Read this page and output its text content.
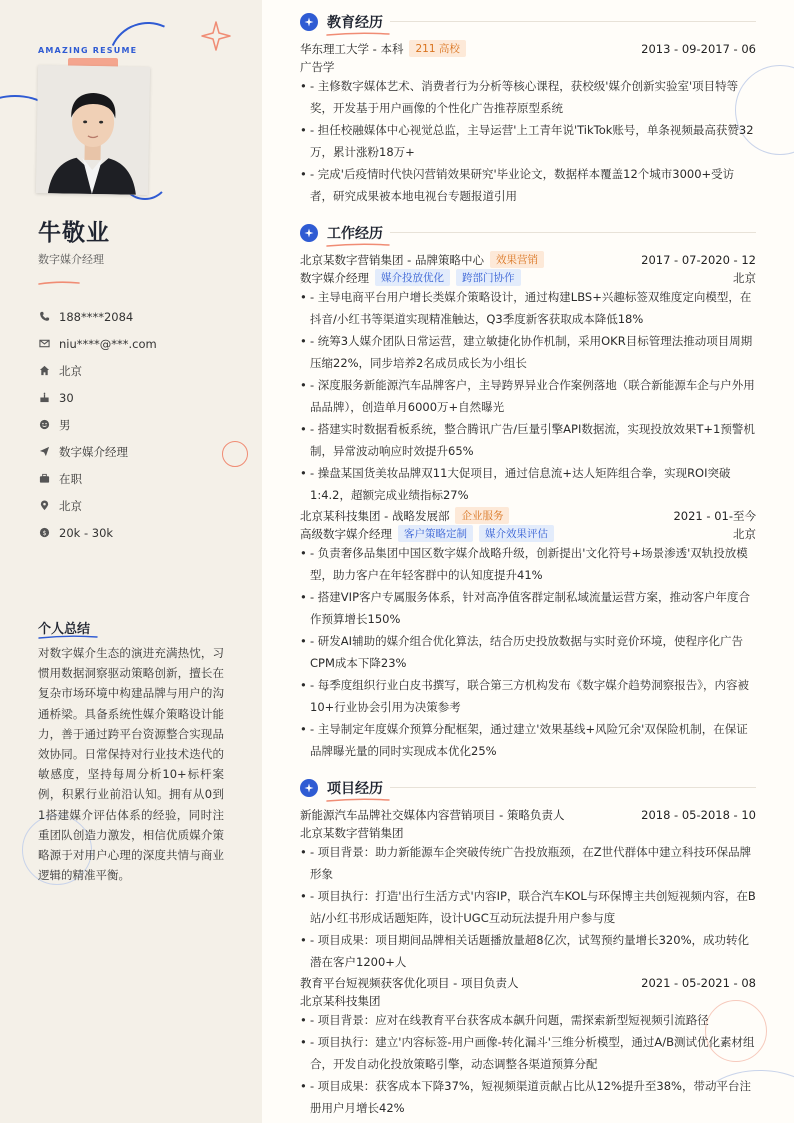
AMAZING RESUME
牛敬业
数字媒介经理
188****2084
niu****@***.com
北京
30
男
数字媒介经理
在职
北京
$ 20k - 30k
个人总结
对数字媒介生态的演进充满热忱，习惯用数据洞察驱动策略创新，擅长在复杂市场环境中构建品牌与用户的沟通桥梁。具备系统性媒介策略设计能力，善于通过跨平台资源整合实现品效协同。日常保持对行业技术迭代的敏感度，坚持每周分析10+标杆案例，积累行业前沿认知。拥有从0到1搭建媒介评估体系的经验，同时注重团队创造力激发，相信优质媒介策略源于对用户心理的深度共情与商业逻辑的精准平衡。
教育经历
华东理工大学 - 本科	211 高校	2013 - 09-2017 - 06
广告学
• - 主修数字媒体艺术、消费者行为分析等核心课程，获校级'媒介创新实验室'项目特等奖，开发基于用户画像的个性化广告推荐原型系统
• - 担任校融媒体中心视觉总监，主导运营'上工青年说'TikTok账号，单条视频最高获赞32万，累计涨粉18万+
• - 完成'后疫情时代快闪营销效果研究'毕业论文，数据样本覆盖12个城市3000+受访者，研究成果被本地电视台专题报道引用
工作经历
北京某数字营销集团 - 品牌策略中心	效果营销	2017 - 07-2020 - 12
数字媒介经理	媒介投放优化	跨部门协作	北京
• - 主导电商平台用户增长类媒介策略设计，通过构建LBS+兴趣标签双维度定向模型，在抖音/小红书等渠道实现精准触达，Q3季度新客获取成本降低18%
• - 统筹3人媒介团队日常运营，建立敏捷化协作机制，采用OKR目标管理法推动项目周期压缩22%，同步培养2名成员成长为小组长
• - 深度服务新能源汽车品牌客户，主导跨界异业合作案例落地（联合新能源车企与户外用品品牌），创造单月6000万+自然曝光
• - 搭建实时数据看板系统，整合腾讯广告/巨量引擎API数据流，实现投放效果T+1预警机制，异常波动响应时效提升65%
• - 操盘某国货美妆品牌双11大促项目，通过信息流+达人矩阵组合拳，实现ROI突破1:4.2，超额完成业绩指标27%
北京某科技集团 - 战略发展部	企业服务	2021 - 01-至今
高级数字媒介经理	客户策略定制	媒介效果评估	北京
• - 负责奢侈品集团中国区数字媒介战略升级，创新提出'文化符号+场景渗透'双轨投放模型，助力客户在年轻客群中的认知度提升41%
• - 搭建VIP客户专属服务体系，针对高净值客群定制私域流量运营方案，推动客户年度合作预算增长150%
• - 研发AI辅助的媒介组合优化算法，结合历史投放数据与实时竞价环境，使程序化广告CPM成本下降23%
• - 每季度组织行业白皮书撰写，联合第三方机构发布《数字媒介趋势洞察报告》，内容被10+行业协会引用为决策参考
• - 主导制定年度媒介预算分配框架，通过建立'效果基线+风险冗余'双保险机制，在保证品牌曝光量的同时实现成本优化25%
项目经历
新能源汽车品牌社交媒体内容营销项目 - 策略负责人	2018 - 05-2018 - 10
北京某数字营销集团
• - 项目背景：助力新能源车企突破传统广告投放瓶颈，在Z世代群体中建立科技环保品牌形象
• - 项目执行：打造'出行生活方式'内容IP，联合汽车KOL与环保博主共创短视频内容，在B站/小红书形成话题矩阵，设计UGC互动玩法提升用户参与度
• - 项目成果：项目期间品牌相关话题播放量超8亿次，试驾预约量增长320%，成功转化潜在客户1200+人
教育平台短视频获客优化项目 - 项目负责人	2021 - 05-2021 - 08
北京某科技集团
• - 项目背景：应对在线教育平台获客成本飙升问题，需探索新型短视频引流路径
• - 项目执行：建立'内容标签-用户画像-转化漏斗'三维分析模型，通过A/B测试优化素材组合，开发自动化投放策略引擎，动态调整各渠道预算分配
• - 项目成果：获客成本下降37%，短视频渠道贡献占比从12%提升至38%，带动平台注册用户月增长42%
